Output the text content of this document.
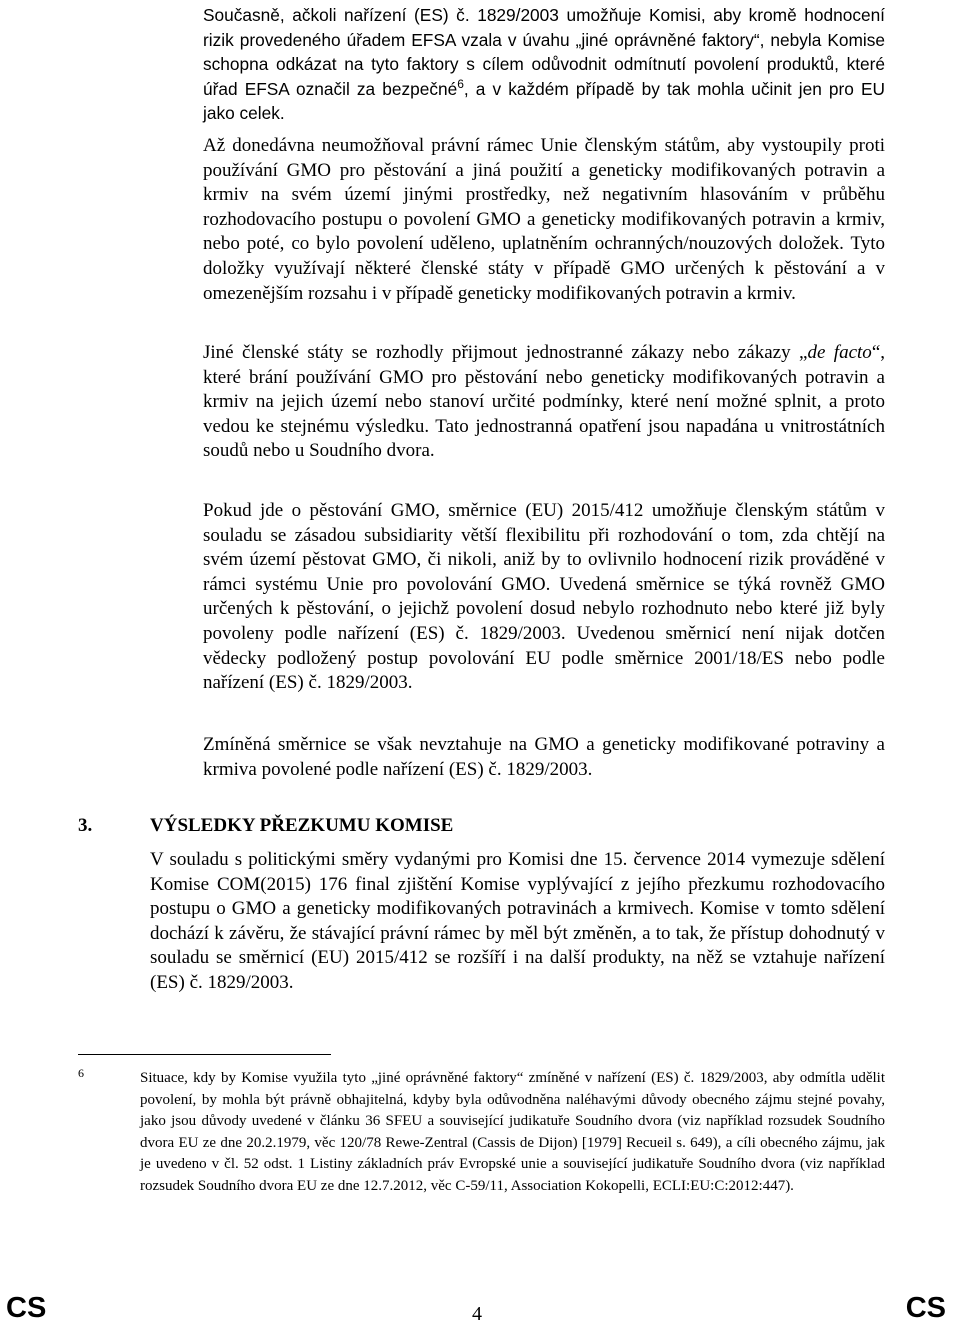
Současně, ačkoli nařízení (ES) č. 1829/2003 umožňuje Komisi, aby kromě hodnocení rizik provedeného úřadem EFSA vzala v úvahu „jiné oprávněné faktory“, nebyla Komise schopna odkázat na tyto faktory s cílem odůvodnit odmítnutí povolení produktů, které úřad EFSA označil za bezpečné$^6$, a v každém případě by tak mohla učinit jen pro EU jako celek.

Až donedávna neumožňoval právní rámec Unie členským státům, aby vystoupily proti používání GMO pro pěstování a jiná použití a geneticky modifikovaných potravin a krmiv na svém území jinými prostředky, než negativním hlasováním v průběhu rozhodovacího postupu o povolení GMO a geneticky modifikovaných potravin a krmiv, nebo poté, co bylo povolení uděleno, uplatněním ochranných/nouzových doložek. Tyto doložky využívají některé členské státy v případě GMO určených k pěstování a v omezenějším rozsahu i v případě geneticky modifikovaných potravin a krmiv.

Jiné členské státy se rozhodly přijmout jednostranné zákazy nebo zákazy „de facto“, které brání používání GMO pro pěstování nebo geneticky modifikovaných potravin a krmiv na jejich území nebo stanoví určité podmínky, které není možné splnit, a proto vedou ke stejnému výsledku. Tato jednostranná opatření jsou napadána u vnitrostátních soudů nebo u Soudního dvora.

Pokud jde o pěstování GMO, směrnice (EU) 2015/412 umožňuje členským státům v souladu se zásadou subsidiarity větší flexibilitu při rozhodování o tom, zda chtějí na svém území pěstovat GMO, či nikoli, aniž by to ovlivnilo hodnocení rizik prováděné v rámci systému Unie pro povolování GMO. Uvedená směrnice se týká rovněž GMO určených k pěstování, o jejichž povolení dosud nebylo rozhodnuto nebo které již byly povoleny podle nařízení (ES) č. 1829/2003. Uvedenou směrnicí není nijak dotčen vědecky podložený postup povolování EU podle směrnice 2001/18/ES nebo podle nařízení (ES) č. 1829/2003.

Zmíněná směrnice se však nevztahuje na GMO a geneticky modifikované potraviny a krmiva povolené podle nařízení (ES) č. 1829/2003.

3.	VÝSLEDKY PŘEZKUMU KOMISE

V souladu s politickými směry vydanými pro Komisi dne 15. července 2014 vymezuje sdělení Komise COM(2015) 176 final zjištění Komise vyplývající z jejího přezkumu rozhodovacího postupu o GMO a geneticky modifikovaných potravinách a krmivech. Komise v tomto sdělení dochází k závěru, že stávající právní rámec by měl být změněn, a to tak, že přístup dohodnutý v souladu se směrnicí (EU) 2015/412 se rozšíří i na další produkty, na něž se vztahuje nařízení (ES) č. 1829/2003.

6	Situace, kdy by Komise využila tyto „jiné oprávněné faktory“ zmíněné v nařízení (ES) č. 1829/2003, aby odmítla udělit povolení, by mohla být právně obhajitelná, kdyby byla odůvodněna naléhavými důvody obecného zájmu stejné povahy, jako jsou důvody uvedené v článku 36 SFEU a související judikatuře Soudního dvora (viz například rozsudek Soudního dvora EU ze dne 20.2.1979, věc 120/78 Rewe-Zentral (Cassis de Dijon) [1979] Recueil s. 649), a cíli obecného zájmu, jak je uvedeno v čl. 52 odst. 1 Listiny základních práv Evropské unie a související judikatuře Soudního dvora (viz například rozsudek Soudního dvora EU ze dne 12.7.2012, věc C-59/11, Association Kokopelli, ECLI:EU:C:2012:447).

CS	4	CS
